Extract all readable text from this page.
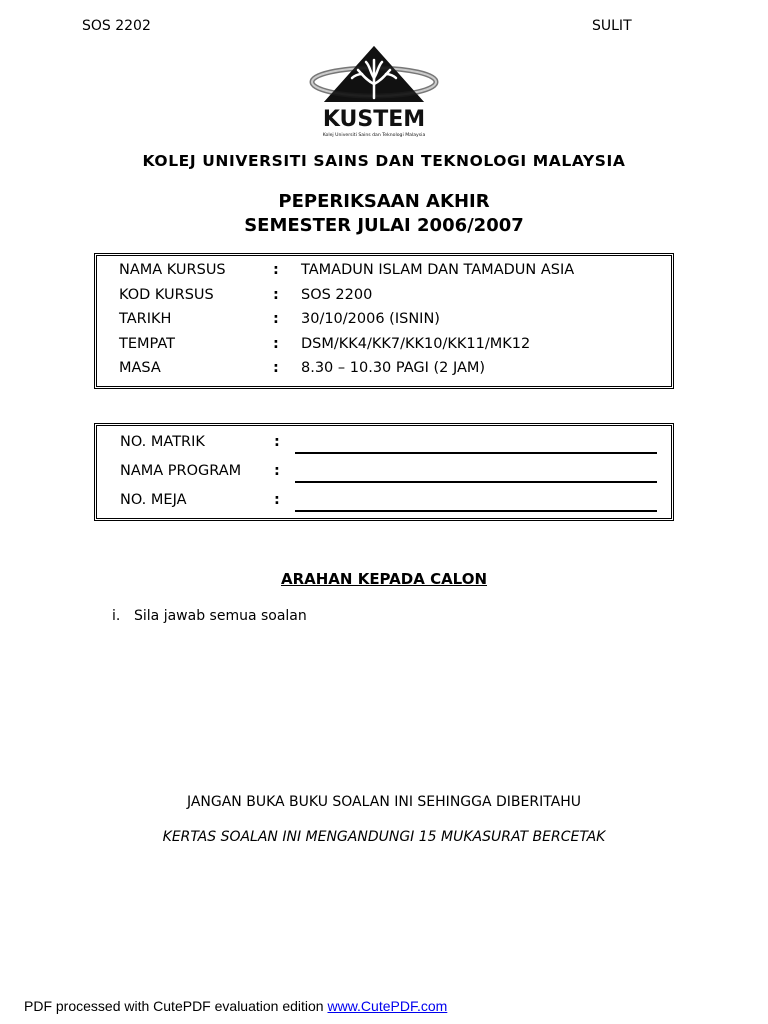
SOS 2202	SULIT
KUSTEM
Kolej Universiti Sains dan Teknologi Malaysia
KOLEJ UNIVERSITI SAINS DAN TEKNOLOGI MALAYSIA
PEPERIKSAAN AKHIR
SEMESTER JULAI 2006/2007
NAMA KURSUS	: TAMADUN ISLAM DAN TAMADUN ASIA
KOD KURSUS	: SOS 2200
TARIKH	: 30/10/2006 (ISNIN)
TEMPAT	: DSM/KK4/KK7/KK10/KK11/MK12
MASA	: 8.30 – 10.30 PAGI (2 JAM)
NO. MATRIK	:
NAMA PROGRAM :
NO. MEJA	:
ARAHAN KEPADA CALON
i. Sila jawab semua soalan
JANGAN BUKA BUKU SOALAN INI SEHINGGA DIBERITAHU
KERTAS SOALAN INI MENGANDUNGI 15 MUKASURAT BERCETAK
PDF processed with CutePDF evaluation edition www.CutePDF.com
